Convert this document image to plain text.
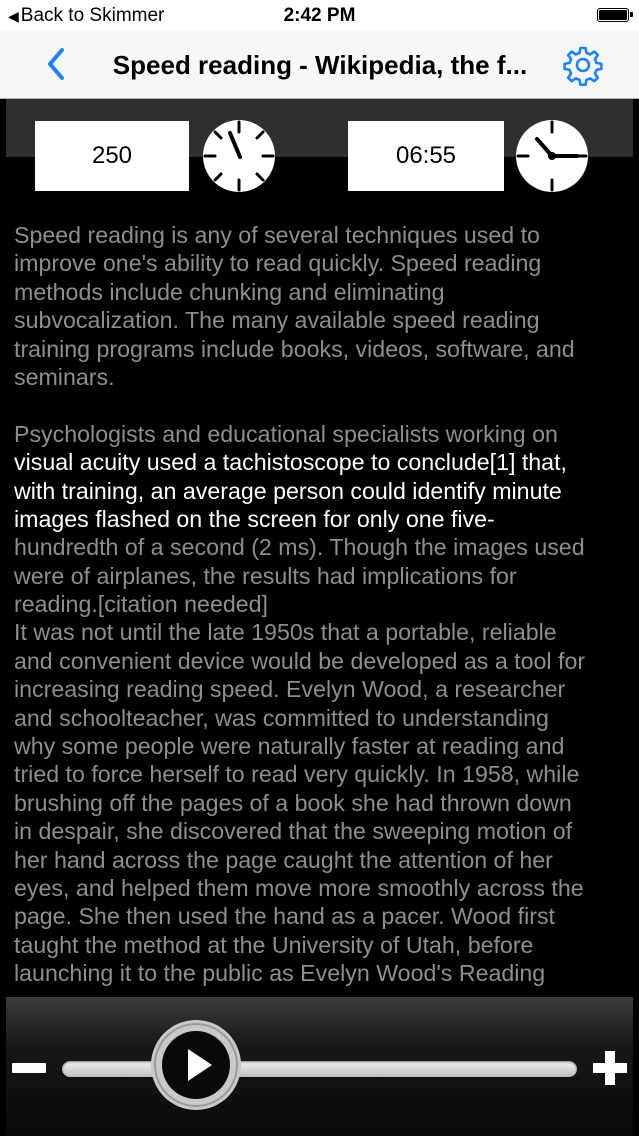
◀ Back to Skimmer	2:42 PM
Speed reading - Wikipedia, the f...
250	06:55
Speed reading is any of several techniques used to
improve one's ability to read quickly. Speed reading
methods include chunking and eliminating
subvocalization. The many available speed reading
training programs include books, videos, software, and
seminars.
Psychologists and educational specialists working on
visual acuity used a tachistoscope to conclude[1] that,
with training, an average person could identify minute
images flashed on the screen for only one five-
hundredth of a second (2 ms). Though the images used
were of airplanes, the results had implications for
reading.[citation needed]
It was not until the late 1950s that a portable, reliable
and convenient device would be developed as a tool for
increasing reading speed. Evelyn Wood, a researcher
and schoolteacher, was committed to understanding
why some people were naturally faster at reading and
tried to force herself to read very quickly. In 1958, while
brushing off the pages of a book she had thrown down
in despair, she discovered that the sweeping motion of
her hand across the page caught the attention of her
eyes, and helped them move more smoothly across the
page. She then used the hand as a pacer. Wood first
taught the method at the University of Utah, before
launching it to the public as Evelyn Wood's Reading
